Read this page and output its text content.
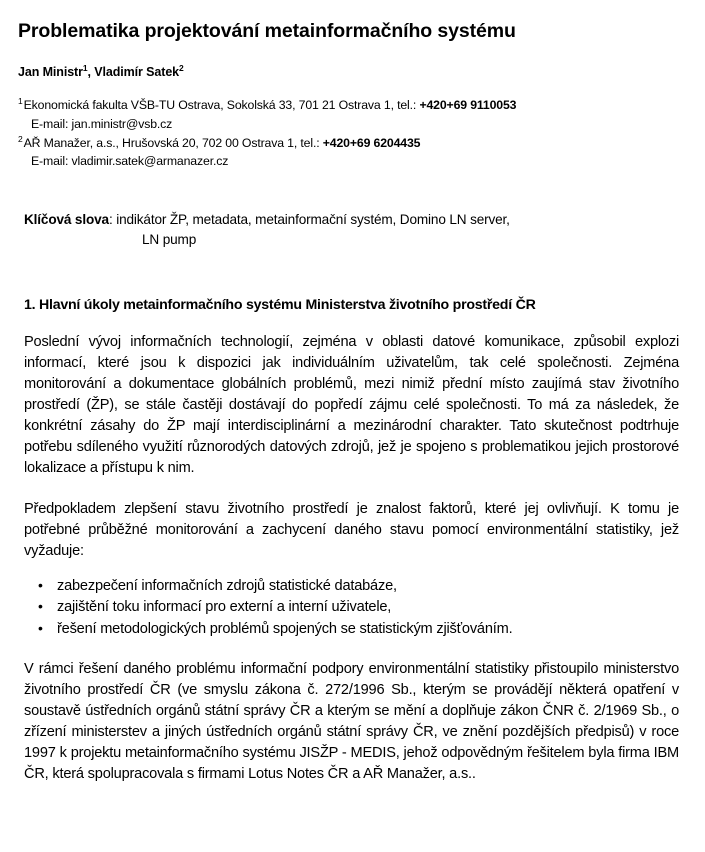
Problematika projektování metainformačního systému
Jan Ministr$^1$, Vladimír Satek$^2$
$^1$Ekonomická fakulta VŠB-TU Ostrava, Sokolská 33, 701 21 Ostrava 1, tel.: +420+69 9110053
E-mail: jan.ministr@vsb.cz
$^2$AŘ Manažer, a.s., Hrušovská 20, 702 00 Ostrava 1, tel.: +420+69 6204435
E-mail: vladimir.satek@armanazer.cz
Klíčová slova: indikátor ŽP, metadata, metainformační systém, Domino LN server,
LN pump
1. Hlavní úkoly metainformačního systému Ministerstva životního prostředí ČR

Poslední vývoj informačních technologií, zejména v oblasti datové komunikace, způsobil explozi informací, které jsou k dispozici jak individuálním uživatelům, tak celé společnosti. Zejména monitorování a dokumentace globálních problémů, mezi nimiž přední místo zaujímá stav životního prostředí (ŽP), se stále častěji dostávají do popředí zájmu celé společnosti. To má za následek, že konkrétní zásahy do ŽP mají interdisciplinární a mezinárodní charakter. Tato skutečnost podtrhuje potřebu sdíleného využití různorodých datových zdrojů, jež je spojeno s problematikou jejich prostorové lokalizace a přístupu k nim.

Předpokladem zlepšení stavu životního prostředí je znalost faktorů, které jej ovlivňují. K tomu je potřebné průběžné monitorování a zachycení daného stavu pomocí environmentální statistiky, jež vyžaduje:

• zabezpečení informačních zdrojů statistické databáze,
• zajištění toku informací pro externí a interní uživatele,
• řešení metodologických problémů spojených se statistickým zjišťováním.

V rámci řešení daného problému informační podpory environmentální statistiky přistoupilo ministerstvo životního prostředí ČR (ve smyslu zákona č. 272/1996 Sb., kterým se provádějí některá opatření v soustavě ústředních orgánů státní správy ČR a kterým se mění a doplňuje zákon ČNR č. 2/1969 Sb., o zřízení ministerstev a jiných ústředních orgánů státní správy ČR, ve znění pozdějších předpisů) v roce 1997 k projektu metainformačního systému JISŽP - MEDIS, jehož odpovědným řešitelem byla firma IBM ČR, která spolupracovala s firmami Lotus Notes ČR a AŘ Manažer, a.s..
